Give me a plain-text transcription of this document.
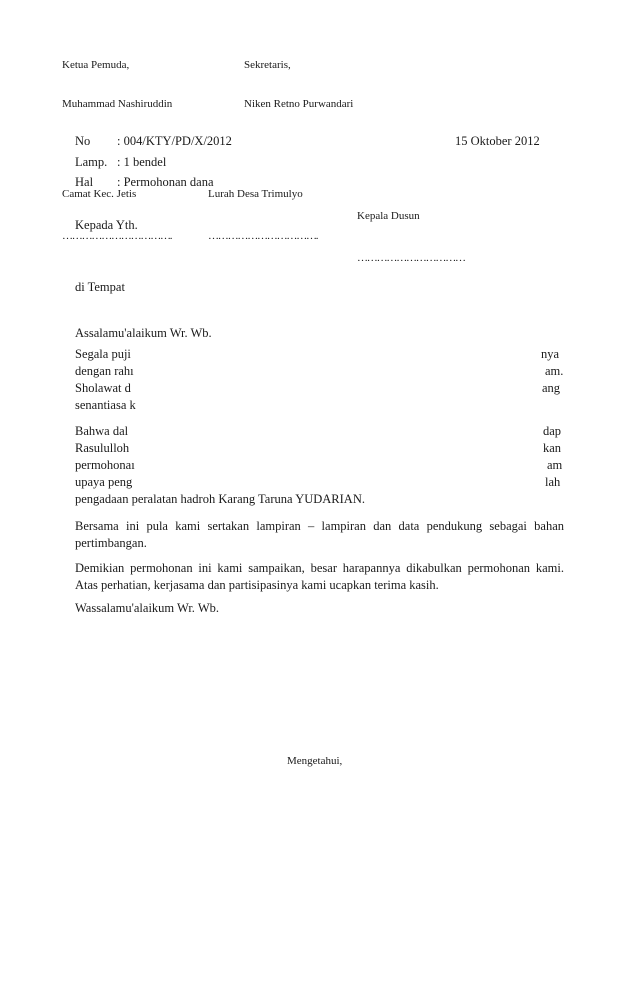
Ketua Pemuda,	Sekretaris,
Muhammad Nashiruddin	Niken Retno Purwandari
No : 004/KTY/PD/X/2012	15 Oktober 2012
Lamp. : 1 bendel
Hal : Permohonan dana
Camat Kec. Jetis	Lurah Desa Trimulyo
Kepala Dusun
Kepada Yth.
…………………………….	…………………………….
……………………………
di Tempat
Assalamu'alaikum Wr. Wb.
Segala puji	nya
dengan rahı	am.
Sholawat d	ang
senantiasa k
Bahwa dal	dap
Rasululloh	kan
permohonaı	am
upaya peng	lah
pengadaan peralatan hadroh Karang Taruna YUDARIAN.
Bersama ini pula kami sertakan lampiran – lampiran dan data pendukung sebagai bahan
pertimbangan.
Demikian permohonan ini kami sampaikan, besar harapannya dikabulkan permohonan kami.
Atas perhatian, kerjasama dan partisipasinya kami ucapkan terima kasih.
Wassalamu'alaikum Wr. Wb.
Mengetahui,
